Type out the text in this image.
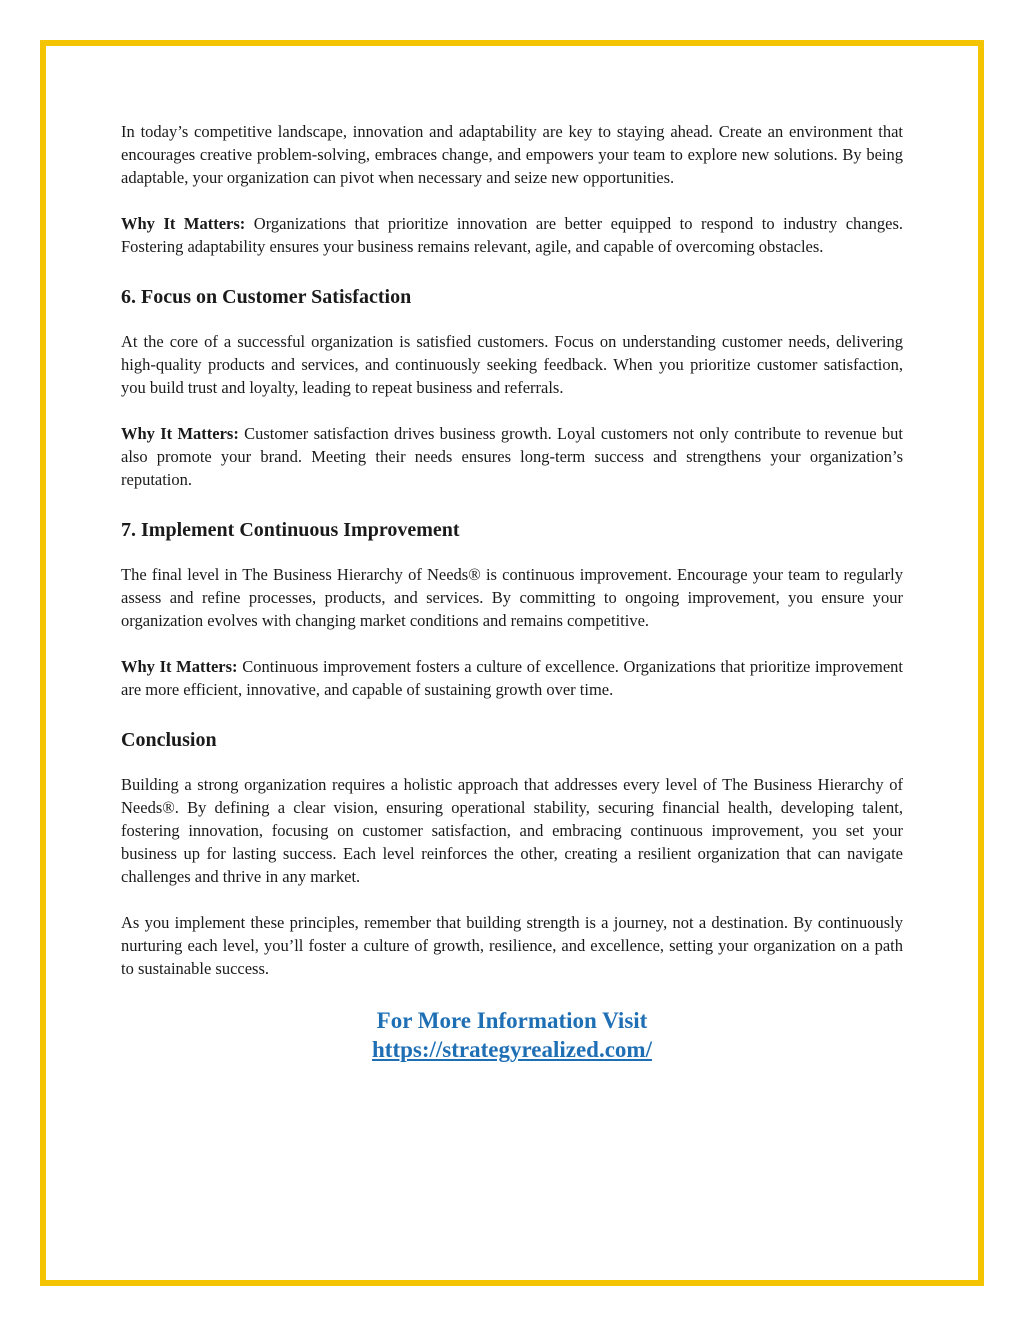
In today’s competitive landscape, innovation and adaptability are key to staying ahead. Create an environment that encourages creative problem-solving, embraces change, and empowers your team to explore new solutions. By being adaptable, your organization can pivot when necessary and seize new opportunities.

Why It Matters: Organizations that prioritize innovation are better equipped to respond to industry changes. Fostering adaptability ensures your business remains relevant, agile, and capable of overcoming obstacles.

6. Focus on Customer Satisfaction

At the core of a successful organization is satisfied customers. Focus on understanding customer needs, delivering high-quality products and services, and continuously seeking feedback. When you prioritize customer satisfaction, you build trust and loyalty, leading to repeat business and referrals.

Why It Matters: Customer satisfaction drives business growth. Loyal customers not only contribute to revenue but also promote your brand. Meeting their needs ensures long-term success and strengthens your organization’s reputation.

7. Implement Continuous Improvement

The final level in The Business Hierarchy of Needs® is continuous improvement. Encourage your team to regularly assess and refine processes, products, and services. By committing to ongoing improvement, you ensure your organization evolves with changing market conditions and remains competitive.

Why It Matters: Continuous improvement fosters a culture of excellence. Organizations that prioritize improvement are more efficient, innovative, and capable of sustaining growth over time.

Conclusion

Building a strong organization requires a holistic approach that addresses every level of The Business Hierarchy of Needs®. By defining a clear vision, ensuring operational stability, securing financial health, developing talent, fostering innovation, focusing on customer satisfaction, and embracing continuous improvement, you set your business up for lasting success. Each level reinforces the other, creating a resilient organization that can navigate challenges and thrive in any market.

As you implement these principles, remember that building strength is a journey, not a destination. By continuously nurturing each level, you’ll foster a culture of growth, resilience, and excellence, setting your organization on a path to sustainable success.

For More Information Visit
https://strategyrealized.com/
